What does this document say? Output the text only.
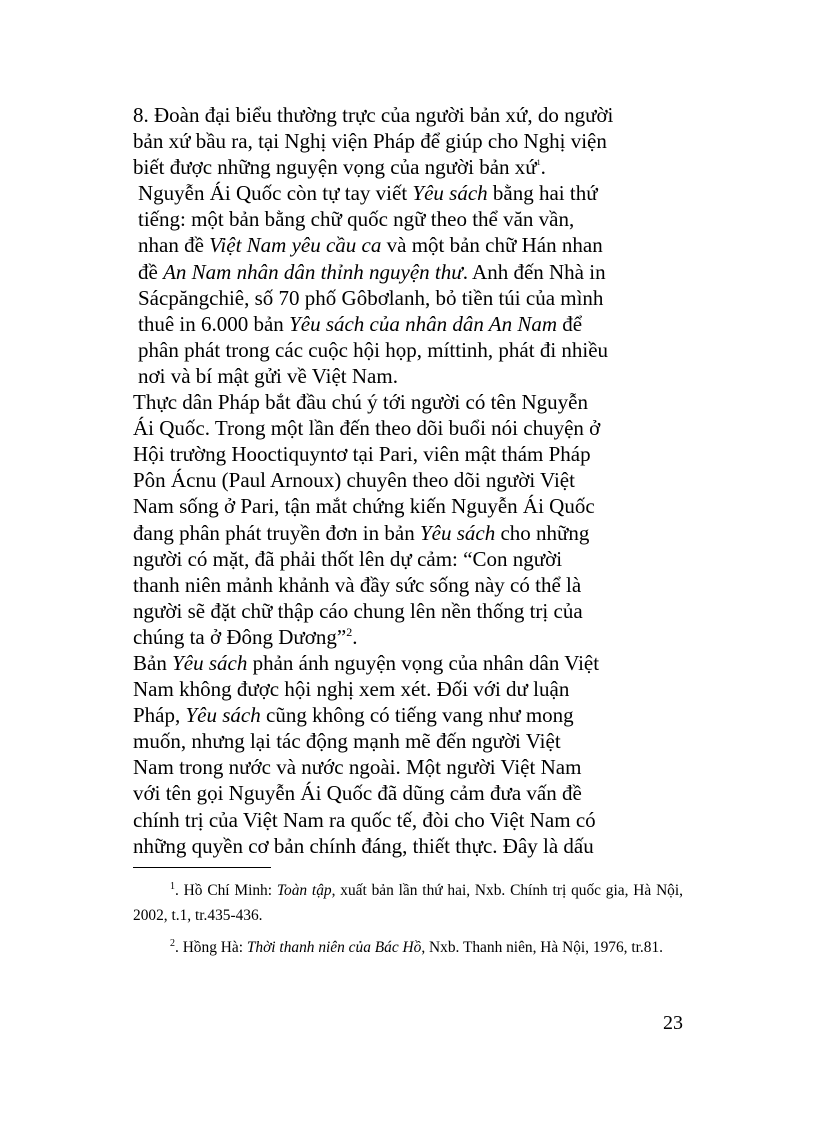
8. Đoàn đại biểu thường trực của người bản xứ, do người
bản xứ bầu ra, tại Nghị viện Pháp để giúp cho Nghị viện
biết được những nguyện vọng của người bản xứ$^1$.

Nguyễn Ái Quốc còn tự tay viết Yêu sách bằng hai thứ
tiếng: một bản bằng chữ quốc ngữ theo thể văn vần,
nhan đề Việt Nam yêu cầu ca và một bản chữ Hán nhan
đề An Nam nhân dân thỉnh nguyện thư. Anh đến Nhà in
Sácpăngchiê, số 70 phố Gôbơlanh, bỏ tiền túi của mình
thuê in 6.000 bản Yêu sách của nhân dân An Nam để
phân phát trong các cuộc hội họp, míttinh, phát đi nhiều
nơi và bí mật gửi về Việt Nam.

Thực dân Pháp bắt đầu chú ý tới người có tên Nguyễn
Ái Quốc. Trong một lần đến theo dõi buổi nói chuyện ở
Hội trường Hooctiquyntơ tại Pari, viên mật thám Pháp
Pôn Ácnu (Paul Arnoux) chuyên theo dõi người Việt
Nam sống ở Pari, tận mắt chứng kiến Nguyễn Ái Quốc
đang phân phát truyền đơn in bản Yêu sách cho những
người có mặt, đã phải thốt lên dự cảm: “Con người
thanh niên mảnh khảnh và đầy sức sống này có thể là
người sẽ đặt chữ thập cáo chung lên nền thống trị của
chúng ta ở Đông Dương”$^2$.

Bản Yêu sách phản ánh nguyện vọng của nhân dân Việt
Nam không được hội nghị xem xét. Đối với dư luận
Pháp, Yêu sách cũng không có tiếng vang như mong
muốn, nhưng lại tác động mạnh mẽ đến người Việt
Nam trong nước và nước ngoài. Một người Việt Nam
với tên gọi Nguyễn Ái Quốc đã dũng cảm đưa vấn đề
chính trị của Việt Nam ra quốc tế, đòi cho Việt Nam có
những quyền cơ bản chính đáng, thiết thực. Đây là dấu

$^1$. Hồ Chí Minh: Toàn tập, xuất bản lần thứ hai, Nxb. Chính trị quốc gia, Hà Nội, 2002, t.1, tr.435-436.

$^2$. Hồng Hà: Thời thanh niên của Bác Hồ, Nxb. Thanh niên, Hà Nội, 1976, tr.81.

23
